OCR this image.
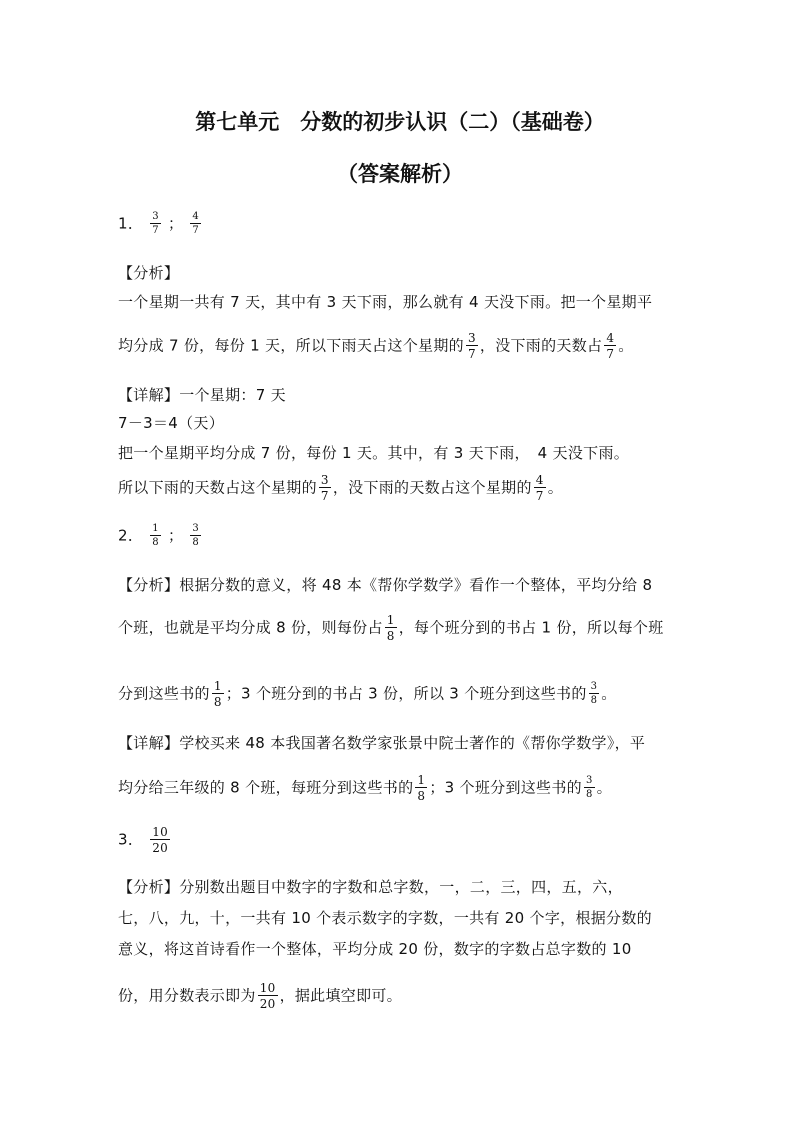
第七单元　分数的初步认识（二）（基础卷）
（答案解析）
1． $\frac{3}{7}$ ； $\frac{4}{7}$
【分析】
一个星期一共有 7 天，其中有 3 天下雨，那么就有 4 天没下雨。把一个星期平
均分成 7 份，每份 1 天，所以下雨天占这个星期的 $\frac{3}{7}$ ，没下雨的天数占 $\frac{4}{7}$ 。
【详解】一个星期：7 天
7－3＝4（天）
把一个星期平均分成 7 份，每份 1 天。其中，有 3 天下雨，　4 天没下雨。
所以下雨的天数占这个星期的 $\frac{3}{7}$ ，没下雨的天数占这个星期的 $\frac{4}{7}$ 。
2． $\frac{1}{8}$ ； $\frac{3}{8}$
【分析】根据分数的意义，将 48 本《帮你学数学》看作一个整体，平均分给 8
个班，也就是平均分成 8 份，则每份占 $\frac{1}{8}$ ，每个班分到的书占 1 份，所以每个班
分到这些书的 $\frac{1}{8}$ ；3 个班分到的书占 3 份，所以 3 个班分到这些书的 $\frac{3}{8}$ 。
【详解】学校买来 48 本我国著名数学家张景中院士著作的《帮你学数学》，平
均分给三年级的 8 个班，每班分到这些书的 $\frac{1}{8}$ ；3 个班分到这些书的 $\frac{3}{8}$ 。
3． $\frac{10}{20}$
【分析】分别数出题目中数字的字数和总字数，一，二，三，四，五，六，
七，八，九，十，一共有 10 个表示数字的字数，一共有 20 个字，根据分数的
意义，将这首诗看作一个整体，平均分成 20 份，数字的字数占总字数的 10
份，用分数表示即为 $\frac{10}{20}$ ，据此填空即可。
